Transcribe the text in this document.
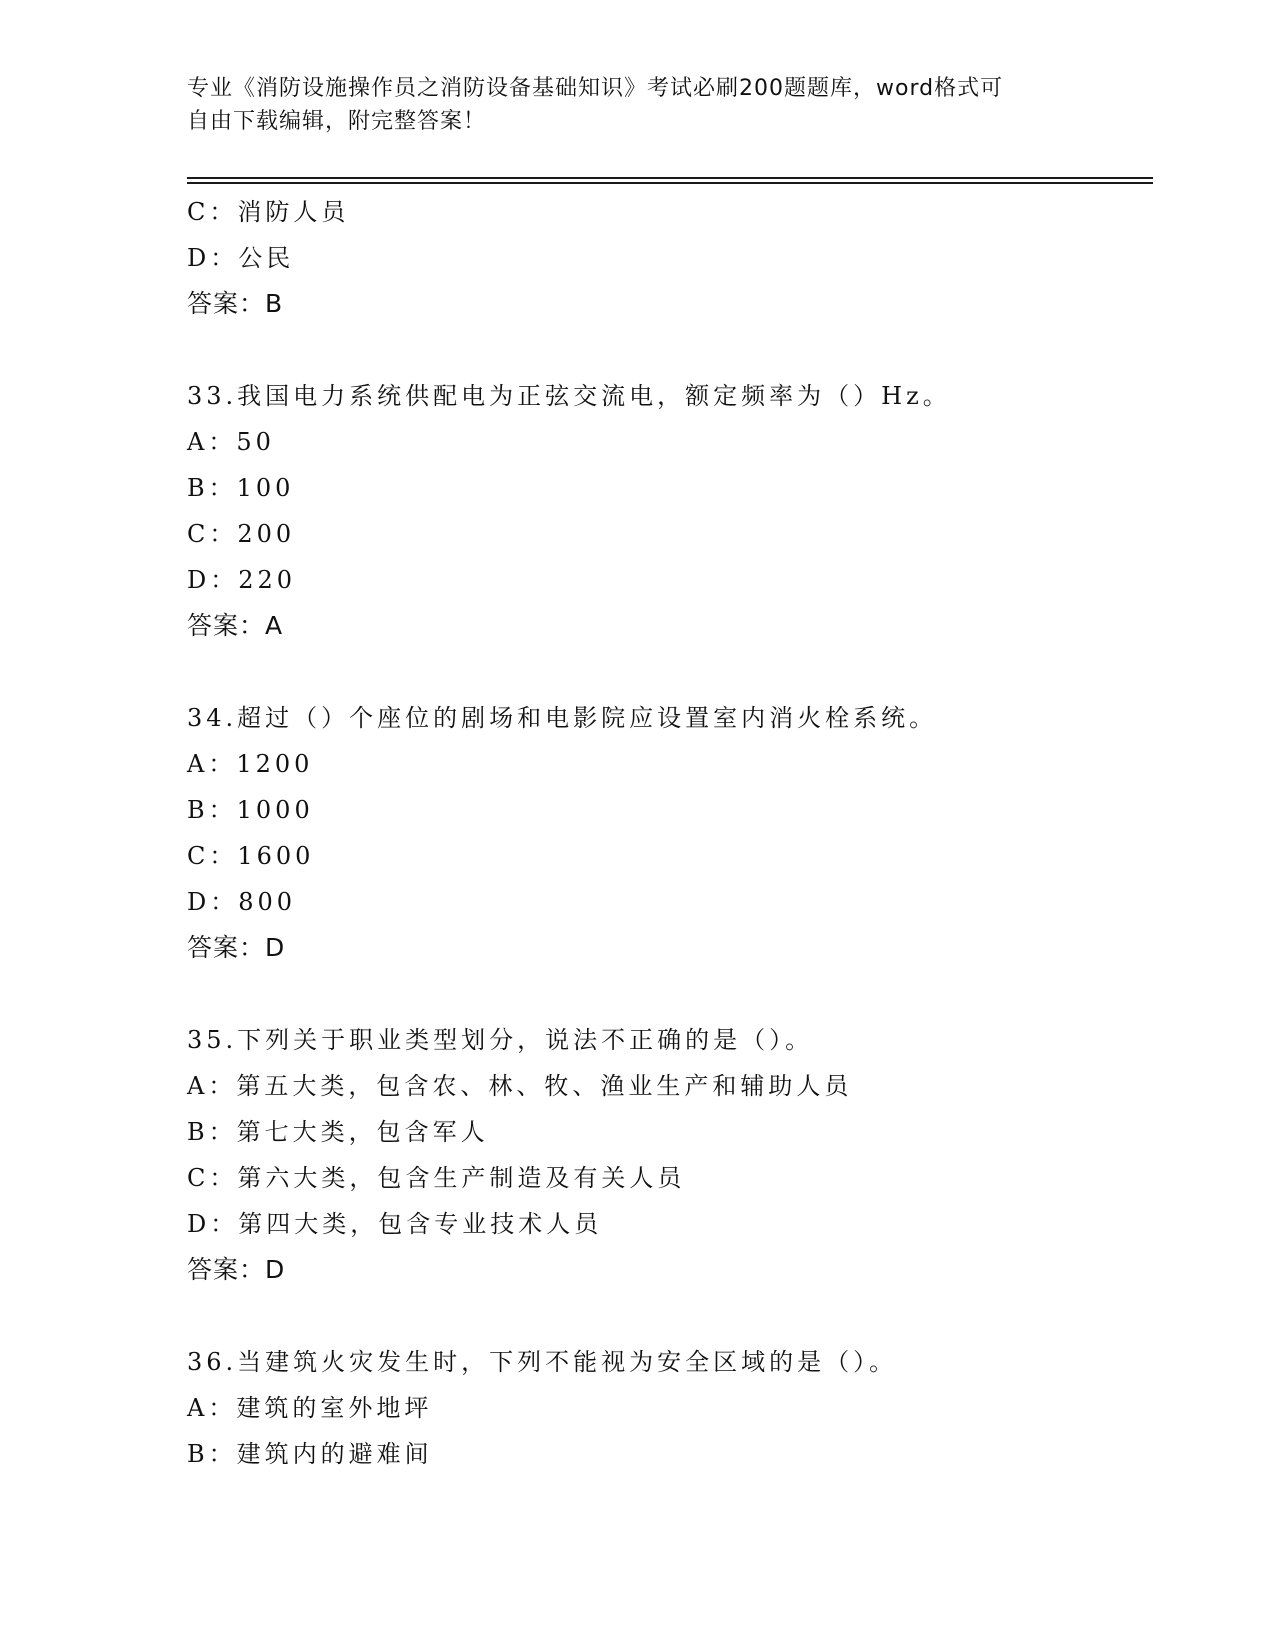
专业《消防设施操作员之消防设备基础知识》考试必刷200题题库，word格式可
自由下载编辑，附完整答案！
C：消防人员
D：公民
答案：B
33.我国电力系统供配电为正弦交流电，额定频率为（）Hz。
A：50
B：100
C：200
D：220
答案：A
34.超过（）个座位的剧场和电影院应设置室内消火栓系统。
A：1200
B：1000
C：1600
D：800
答案：D
35.下列关于职业类型划分，说法不正确的是（）。
A：第五大类，包含农、林、牧、渔业生产和辅助人员
B：第七大类，包含军人
C：第六大类，包含生产制造及有关人员
D：第四大类，包含专业技术人员
答案：D
36.当建筑火灾发生时，下列不能视为安全区域的是（）。
A：建筑的室外地坪
B：建筑内的避难间
